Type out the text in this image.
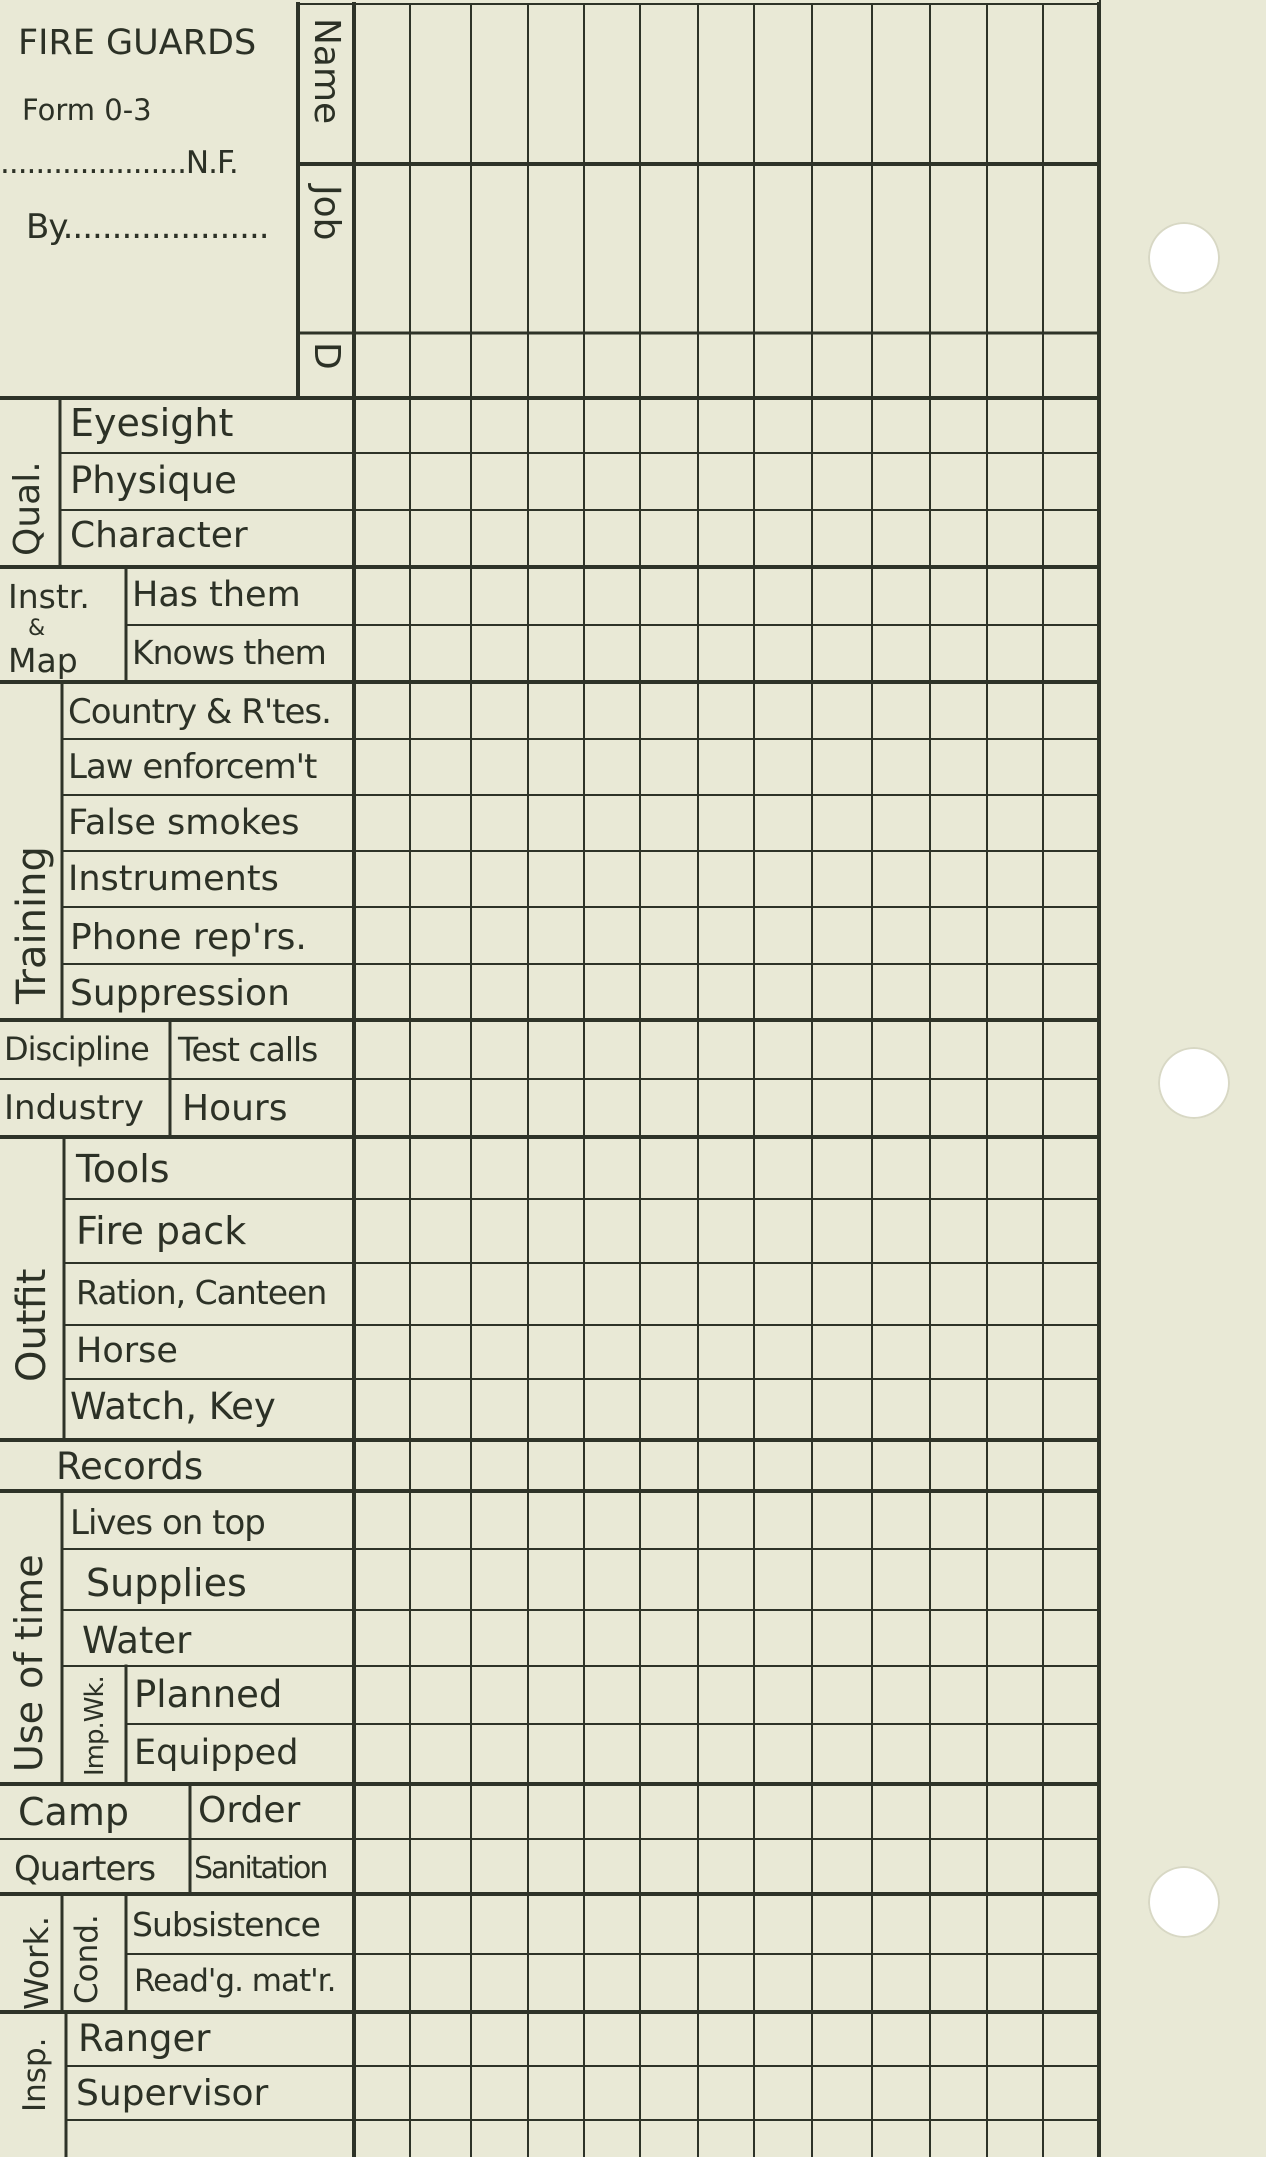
FIRE GUARDS
Form 0-3
.....................N.F.
By.....................
Name
Job
D
Qual.
Eyesight
Physique
Character
Instr.
&
Map
Has them
Knows them
Training
Country & R'tes.
Law enforcem't
False smokes
Instruments
Phone rep'rs.
Suppression
Discipline Test calls
Industry Hours
Outfit
Tools
Fire pack
Ration, Canteen
Horse
Watch, Key
Records
Use of time
Lives on top
Supplies
Water
Imp.Wk. Planned
Equipped
Camp Order
Quarters Sanitation
Work. Cond. Subsistence
Read'g. mat'r.
Insp. Ranger
Supervisor
